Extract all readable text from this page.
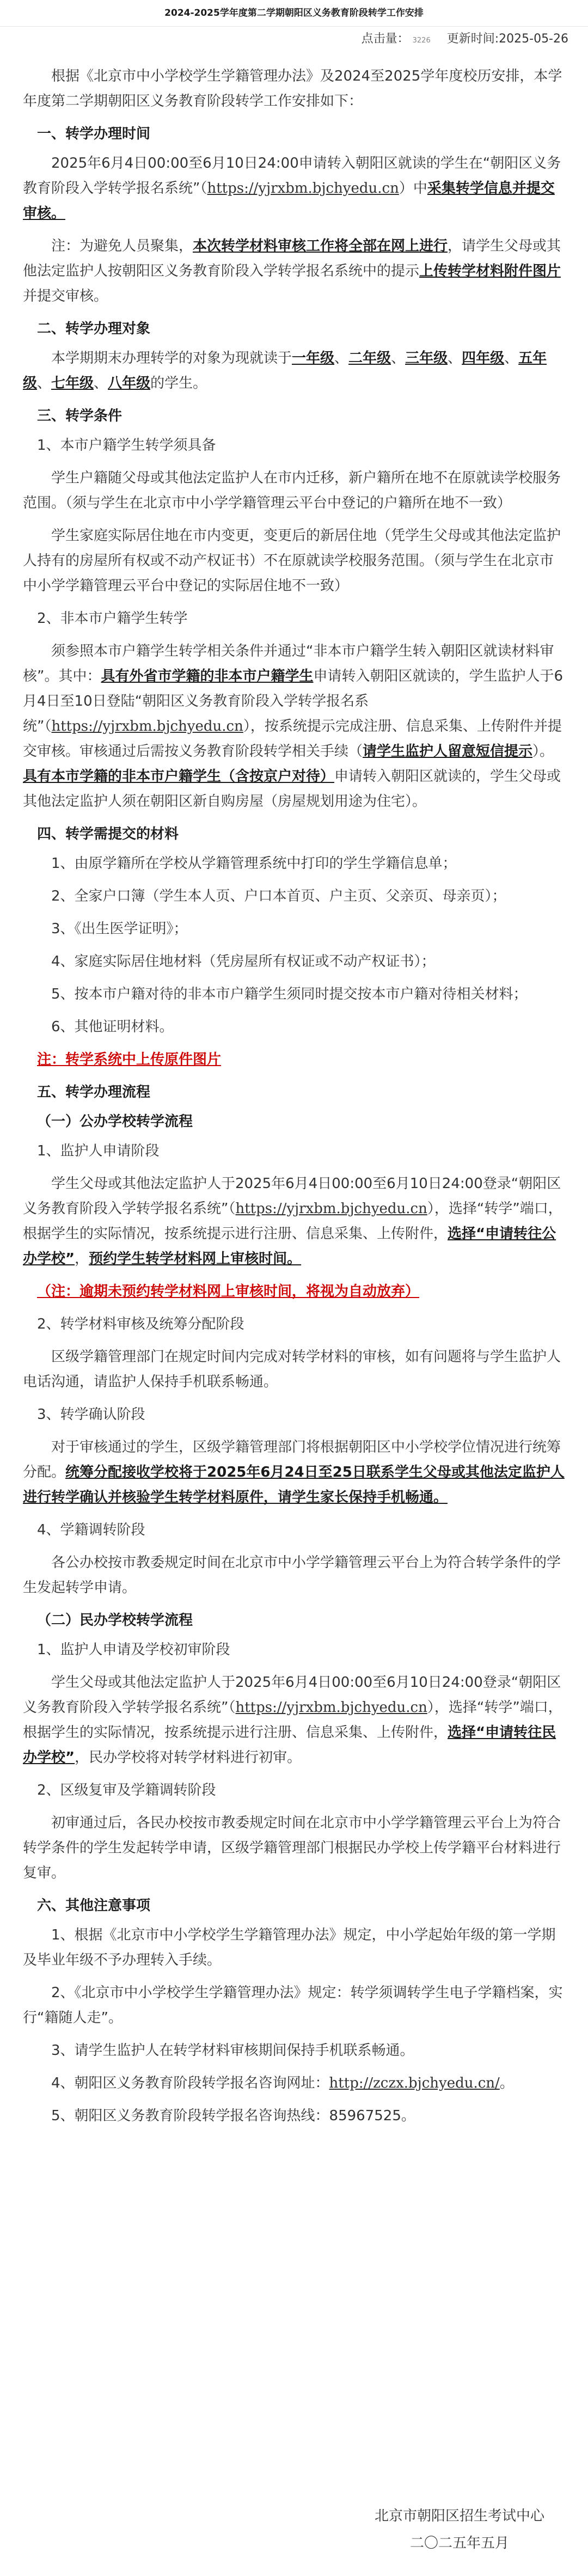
2024-2025学年度第二学期朝阳区义务教育阶段转学工作安排
点击量： 3226 更新时间:2025-05-26

根据《北京市中小学校学生学籍管理办法》及2024至2025学年度校历安排，本学年度第二学期朝阳区义务教育阶段转学工作安排如下：

一、转学办理时间

2025年6月4日00:00至6月10日24:00申请转入朝阳区就读的学生在“朝阳区义务教育阶段入学转学报名系统”（https://yjrxbm.bjchyedu.cn）中采集转学信息并提交审核。

注：为避免人员聚集，本次转学材料审核工作将全部在网上进行，请学生父母或其他法定监护人按朝阳区义务教育阶段入学转学报名系统中的提示上传转学材料附件图片并提交审核。

二、转学办理对象

本学期期末办理转学的对象为现就读于一年级、二年级、三年级、四年级、五年级、七年级、八年级的学生。

三、转学条件

1、本市户籍学生转学须具备

学生户籍随父母或其他法定监护人在市内迁移，新户籍所在地不在原就读学校服务范围。（须与学生在北京市中小学学籍管理云平台中登记的户籍所在地不一致）

学生家庭实际居住地在市内变更，变更后的新居住地（凭学生父母或其他法定监护人持有的房屋所有权或不动产权证书）不在原就读学校服务范围。（须与学生在北京市中小学学籍管理云平台中登记的实际居住地不一致）

2、非本市户籍学生转学

须参照本市户籍学生转学相关条件并通过“非本市户籍学生转入朝阳区就读材料审核”。其中：具有外省市学籍的非本市户籍学生申请转入朝阳区就读的，学生监护人于6月4日至10日登陆“朝阳区义务教育阶段入学转学报名系统”（https://yjrxbm.bjchyedu.cn），按系统提示完成注册、信息采集、上传附件并提交审核。审核通过后需按义务教育阶段转学相关手续（请学生监护人留意短信提示）。具有本市学籍的非本市户籍学生（含按京户对待）申请转入朝阳区就读的，学生父母或其他法定监护人须在朝阳区新自购房屋（房屋规划用途为住宅）。

四、转学需提交的材料

1、由原学籍所在学校从学籍管理系统中打印的学生学籍信息单；

2、全家户口簿（学生本人页、户口本首页、户主页、父亲页、母亲页）；

3、《出生医学证明》；

4、家庭实际居住地材料（凭房屋所有权证或不动产权证书）；

5、按本市户籍对待的非本市户籍学生须同时提交按本市户籍对待相关材料；

6、其他证明材料。

注：转学系统中上传原件图片

五、转学办理流程

（一）公办学校转学流程

1、监护人申请阶段

学生父母或其他法定监护人于2025年6月4日00:00至6月10日24:00登录“朝阳区义务教育阶段入学转学报名系统”（https://yjrxbm.bjchyedu.cn），选择“转学”端口，根据学生的实际情况，按系统提示进行注册、信息采集、上传附件，选择“申请转往公办学校”，预约学生转学材料网上审核时间。

（注：逾期未预约转学材料网上审核时间，将视为自动放弃）

2、转学材料审核及统筹分配阶段

区级学籍管理部门在规定时间内完成对转学材料的审核，如有问题将与学生监护人电话沟通，请监护人保持手机联系畅通。

3、转学确认阶段

对于审核通过的学生，区级学籍管理部门将根据朝阳区中小学校学位情况进行统筹分配。统筹分配接收学校将于2025年6月24日至25日联系学生父母或其他法定监护人进行转学确认并核验学生转学材料原件，请学生家长保持手机畅通。

4、学籍调转阶段

各公办校按市教委规定时间在北京市中小学学籍管理云平台上为符合转学条件的学生发起转学申请。

（二）民办学校转学流程

1、监护人申请及学校初审阶段

学生父母或其他法定监护人于2025年6月4日00:00至6月10日24:00登录“朝阳区义务教育阶段入学转学报名系统”（https://yjrxbm.bjchyedu.cn），选择“转学”端口，根据学生的实际情况，按系统提示进行注册、信息采集、上传附件，选择“申请转往民办学校”，民办学校将对转学材料进行初审。

2、区级复审及学籍调转阶段

初审通过后，各民办校按市教委规定时间在北京市中小学学籍管理云平台上为符合转学条件的学生发起转学申请，区级学籍管理部门根据民办学校上传学籍平台材料进行复审。

六、其他注意事项

1、根据《北京市中小学校学生学籍管理办法》规定，中小学起始年级的第一学期及毕业年级不予办理转入手续。

2、《北京市中小学校学生学籍管理办法》规定：转学须调转学生电子学籍档案，实行“籍随人走”。

3、请学生监护人在转学材料审核期间保持手机联系畅通。

4、朝阳区义务教育阶段转学报名咨询网址：http://zczx.bjchyedu.cn/。

5、朝阳区义务教育阶段转学报名咨询热线：85967525。

北京市朝阳区招生考试中心
二〇二五年五月
